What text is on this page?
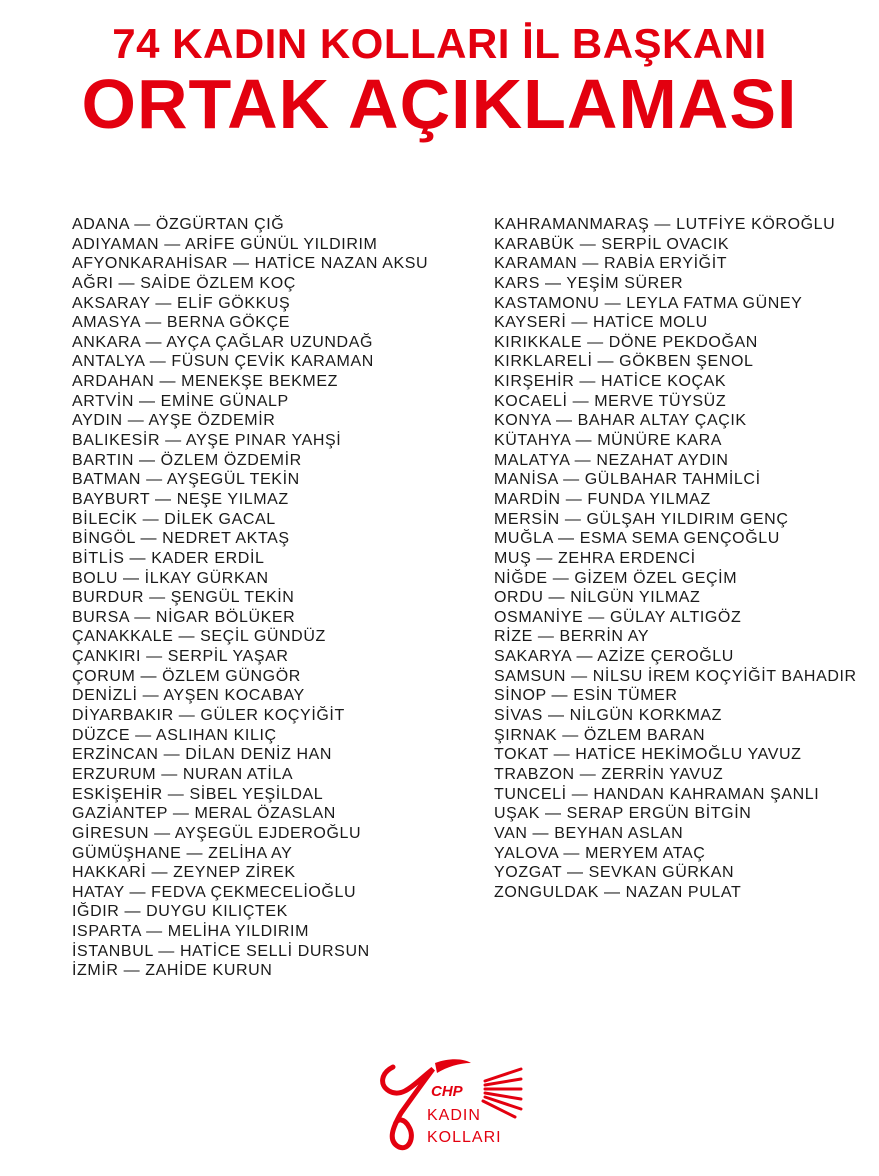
74 KADIN KOLLARI İL BAŞKANI
ORTAK AÇIKLAMASI
ADANA — ÖZGÜRTAN ÇIĞ
ADIYAMAN — ARİFE GÜNÜL YILDIRIM
AFYONKARAHİSAR — HATİCE NAZAN AKSU
AĞRI — SAİDE ÖZLEM KOÇ
AKSARAY — ELİF GÖKKUŞ
AMASYA — BERNA GÖKÇE
ANKARA — AYÇA ÇAĞLAR UZUNDAĞ
ANTALYA — FÜSUN ÇEVİK KARAMAN
ARDAHAN — MENEKŞE BEKMEZ
ARTVİN — EMİNE GÜNALP
AYDIN — AYŞE ÖZDEMİR
BALIKESİR — AYŞE PINAR YAHŞİ
BARTIN — ÖZLEM ÖZDEMİR
BATMAN — AYŞEGÜL TEKİN
BAYBURT — NEŞE YILMAZ
BİLECİK — DİLEK GACAL
BİNGÖL — NEDRET AKTAŞ
BİTLİS — KADER ERDİL
BOLU — İLKAY GÜRKAN
BURDUR — ŞENGÜL TEKİN
BURSA — NİGAR BÖLÜKER
ÇANAKKALE — SEÇİL GÜNDÜZ
ÇANKIRI — SERPİL YAŞAR
ÇORUM — ÖZLEM GÜNGÖR
DENİZLİ — AYŞEN KOCABAY
DİYARBAKIR — GÜLER KOÇYİĞİT
DÜZCE — ASLIHAN KILIÇ
ERZİNCAN — DİLAN DENİZ HAN
ERZURUM — NURAN ATİLA
ESKİŞEHİR — SİBEL YEŞİLDAL
GAZİANTEP — MERAL ÖZASLAN
GİRESUN — AYŞEGÜL EJDEROĞLU
GÜMÜŞHANE — ZELİHA AY
HAKKARİ — ZEYNEP ZİREK
HATAY — FEDVA ÇEKMECELİOĞLU
IĞDIR — DUYGU KILIÇTEK
ISPARTA — MELİHA YILDIRIM
İSTANBUL — HATİCE SELLİ DURSUN
İZMİR — ZAHİDE KURUN
KAHRAMANMARAŞ — LUTFİYE KÖROĞLU
KARABÜK — SERPİL OVACIK
KARAMAN — RABİA ERYİĞİT
KARS — YEŞİM SÜRER
KASTAMONU — LEYLA FATMA GÜNEY
KAYSERİ — HATİCE MOLU
KIRIKKALE — DÖNE PEKDOĞAN
KIRKLARELİ — GÖKBEN ŞENOL
KIRŞEHİR — HATİCE KOÇAK
KOCAELİ — MERVE TÜYSÜZ
KONYA — BAHAR ALTAY ÇAÇIK
KÜTAHYA — MÜNÜRE KARA
MALATYA — NEZAHAT AYDIN
MANİSA — GÜLBAHAR TAHMİLCİ
MARDİN — FUNDA YILMAZ
MERSİN — GÜLŞAH YILDIRIM GENÇ
MUĞLA — ESMA SEMA GENÇOĞLU
MUŞ — ZEHRA ERDENCİ
NİĞDE — GİZEM ÖZEL GEÇİM
ORDU — NİLGÜN YILMAZ
OSMANİYE — GÜLAY ALTIGÖZ
RİZE — BERRİN AY
SAKARYA — AZİZE ÇEROĞLU
SAMSUN — NİLSU İREM KOÇYİĞİT BAHADIR
SİNOP — ESİN TÜMER
SİVAS — NİLGÜN KORKMAZ
ŞIRNAK — ÖZLEM BARAN
TOKAT — HATİCE HEKİMOĞLU YAVUZ
TRABZON — ZERRİN YAVUZ
TUNCELİ — HANDAN KAHRAMAN ŞANLI
UŞAK — SERAP ERGÜN BİTGİN
VAN — BEYHAN ASLAN
YALOVA — MERYEM ATAÇ
YOZGAT — SEVKAN GÜRKAN
ZONGULDAK — NAZAN PULAT
CHP
KADIN
KOLLARI
